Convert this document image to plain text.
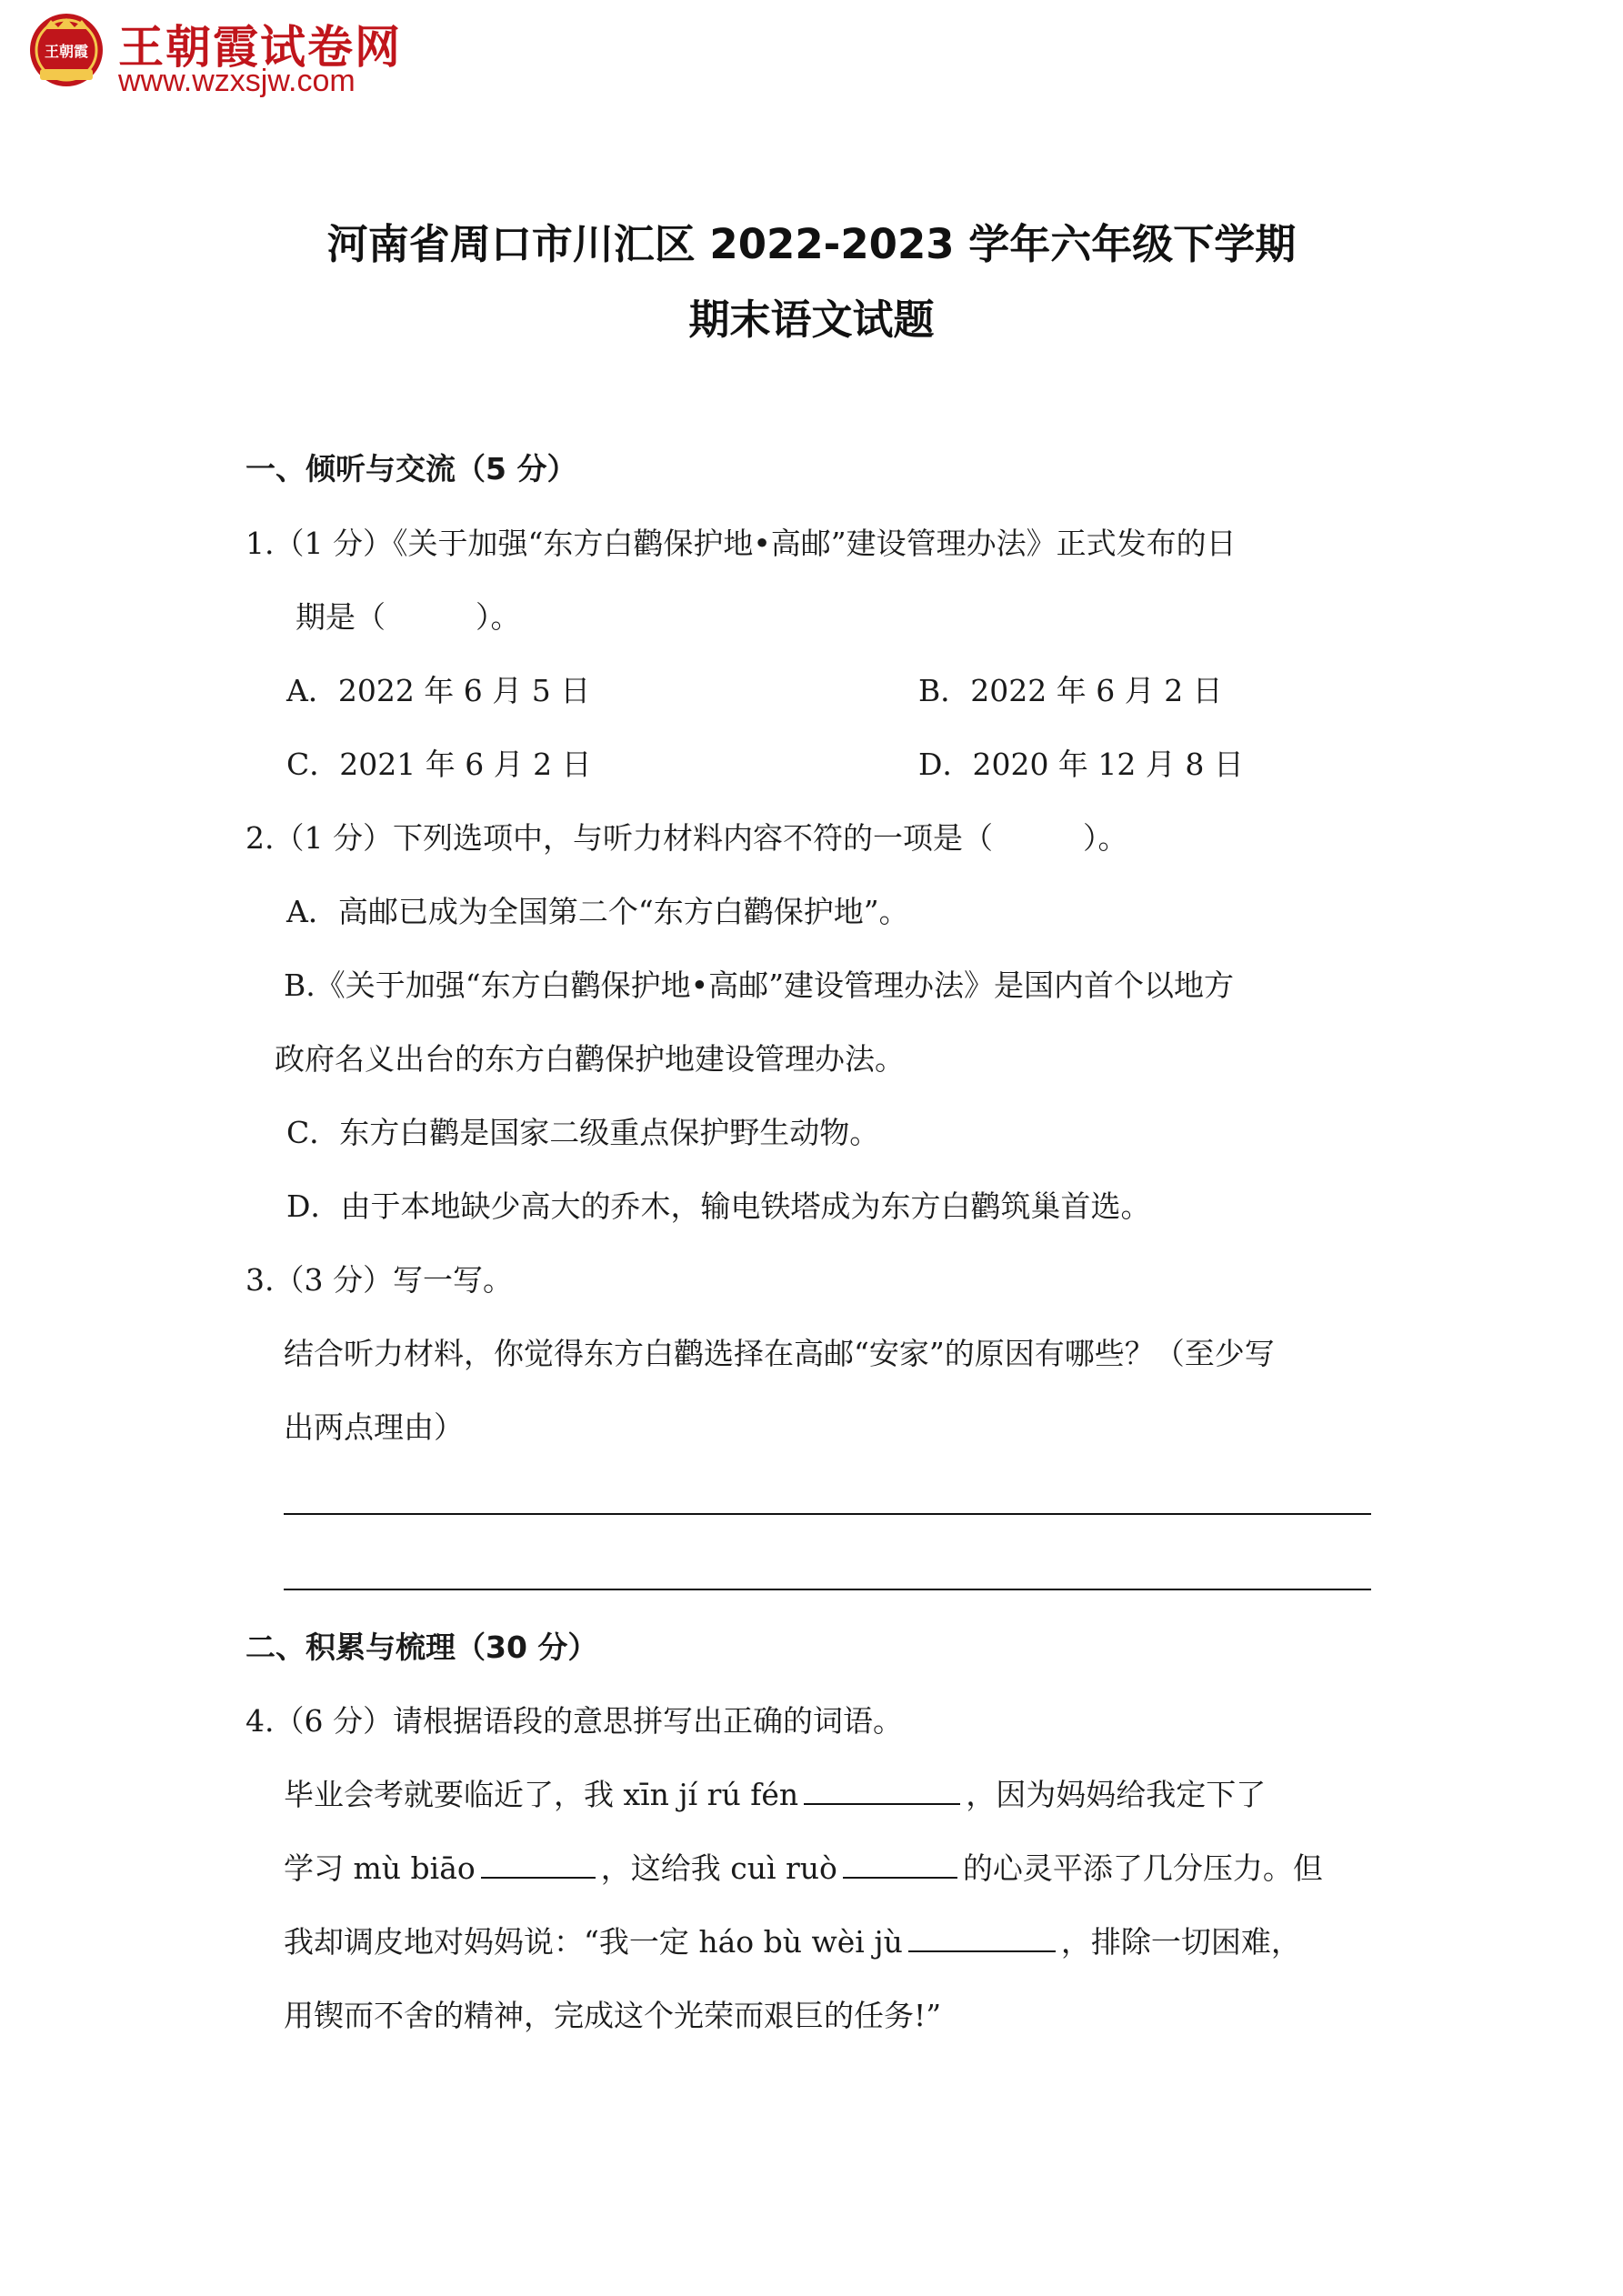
王朝霞 王朝霞试卷网
www.wzxsjw.com
河南省周口市川汇区 2022-2023 学年六年级下学期
期末语文试题
一、倾听与交流（5 分）
1.（1 分）《关于加强“东方白鹳保护地•高邮”建设管理办法》正式发布的日
期是（　　　）。
A．2022 年 6 月 5 日	B．2022 年 6 月 2 日
C．2021 年 6 月 2 日	D．2020 年 12 月 8 日
2.（1 分）下列选项中，与听力材料内容不符的一项是（　　　）。
A．高邮已成为全国第二个“东方白鹳保护地”。
B.《关于加强“东方白鹳保护地•高邮”建设管理办法》是国内首个以地方
政府名义出台的东方白鹳保护地建设管理办法。
C．东方白鹳是国家二级重点保护野生动物。
D．由于本地缺少高大的乔木，输电铁塔成为东方白鹳筑巢首选。
3.（3 分）写一写。
结合听力材料，你觉得东方白鹳选择在高邮“安家”的原因有哪些？（至少写
出两点理由）
二、积累与梳理（30 分）
4.（6 分）请根据语段的意思拼写出正确的词语。
毕业会考就要临近了，我 xīn jí rú fén	，因为妈妈给我定下了
学习 mù biāo	，这给我 cuì ruò	的心灵平添了几分压力。但
我却调皮地对妈妈说：“我一定 háo bù wèi jù	，排除一切困难，
用锲而不舍的精神，完成这个光荣而艰巨的任务!”
